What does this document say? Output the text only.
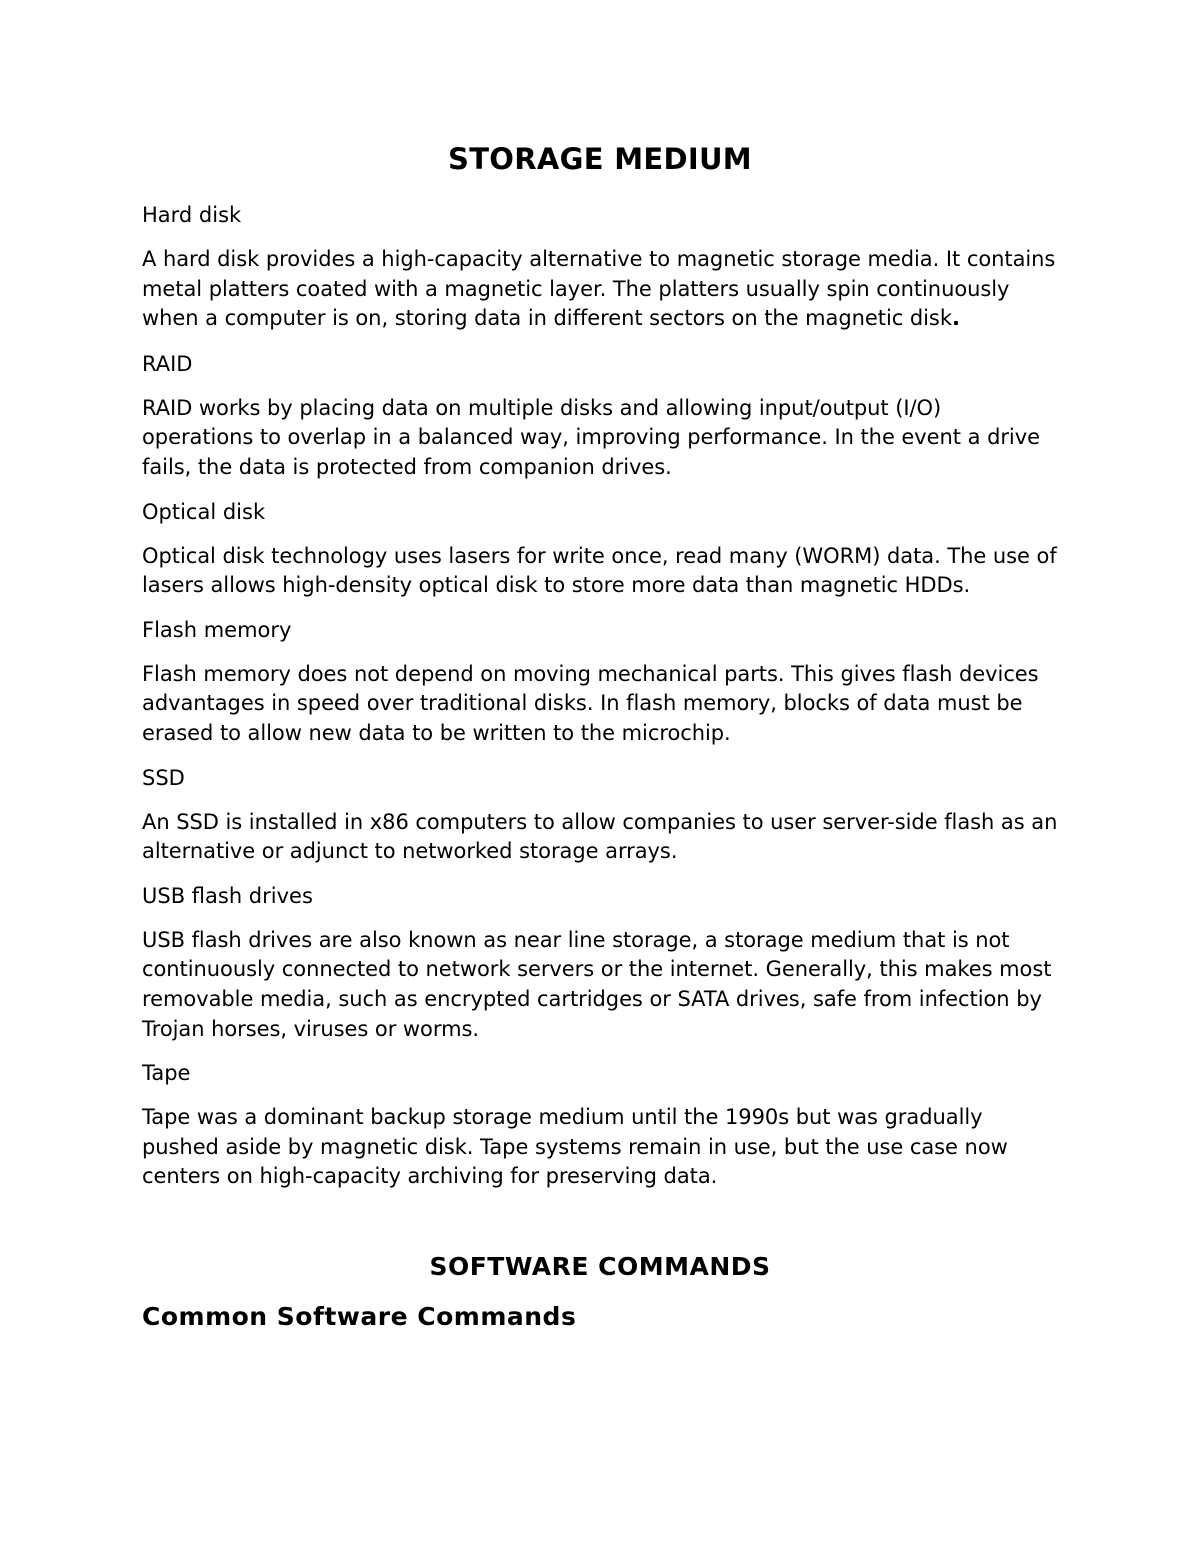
STORAGE MEDIUM
Hard disk

A hard disk provides a high-capacity alternative to magnetic storage media. It contains metal platters coated with a magnetic layer. The platters usually spin continuously when a computer is on, storing data in different sectors on the magnetic disk.

RAID

RAID works by placing data on multiple disks and allowing input/output (I/O) operations to overlap in a balanced way, improving performance. In the event a drive fails, the data is protected from companion drives.

Optical disk

Optical disk technology uses lasers for write once, read many (WORM) data. The use of lasers allows high-density optical disk to store more data than magnetic HDDs.

Flash memory

Flash memory does not depend on moving mechanical parts. This gives flash devices advantages in speed over traditional disks. In flash memory, blocks of data must be erased to allow new data to be written to the microchip.

SSD

An SSD is installed in x86 computers to allow companies to user server-side flash as an alternative or adjunct to networked storage arrays.

USB flash drives

USB flash drives are also known as near line storage, a storage medium that is not continuously connected to network servers or the internet. Generally, this makes most removable media, such as encrypted cartridges or SATA drives, safe from infection by Trojan horses, viruses or worms.

Tape

Tape was a dominant backup storage medium until the 1990s but was gradually pushed aside by magnetic disk. Tape systems remain in use, but the use case now centers on high-capacity archiving for preserving data.

SOFTWARE COMMANDS
Common Software Commands
